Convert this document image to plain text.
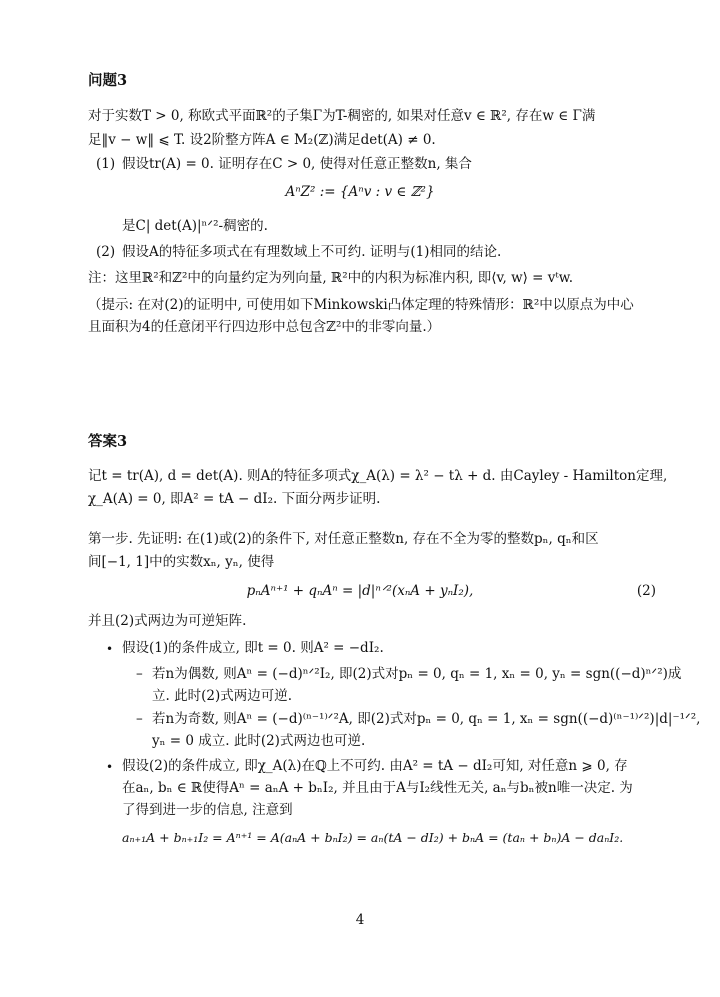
问题3
对于实数T > 0, 称欧式平面ℝ²的子集Γ为T-稠密的, 如果对任意v ∈ ℝ², 存在w ∈ Γ满
足‖v − w‖ ⩽ T. 设2阶整方阵A ∈ M₂(ℤ)满足det(A) ≠ 0.
(1) 假设tr(A) = 0. 证明存在C > 0, 使得对任意正整数n, 集合
AⁿZ² := {Aⁿv : v ∈ ℤ²}
是C| det(A)|ⁿᐟ²-稠密的.
(2) 假设A的特征多项式在有理数域上不可约. 证明与(1)相同的结论.
注：这里ℝ²和ℤ²中的向量约定为列向量, ℝ²中的内积为标准内积, 即⟨v, w⟩ = vᵗw.
（提示: 在对(2)的证明中, 可使用如下Minkowski凸体定理的特殊情形：ℝ²中以原点为中心
且面积为4的任意闭平行四边形中总包含ℤ²中的非零向量.）
答案3
记t = tr(A), d = det(A). 则A的特征多项式χ_A(λ) = λ² − tλ + d. 由Cayley - Hamilton定理,
χ_A(A) = 0, 即A² = tA − dI₂. 下面分两步证明.
第一步. 先证明: 在(1)或(2)的条件下, 对任意正整数n, 存在不全为零的整数pₙ, qₙ和区
间[−1, 1]中的实数xₙ, yₙ, 使得
pₙAⁿ⁺¹ + qₙAⁿ = |d|ⁿᐟ²(xₙA + yₙI₂),	(2)
并且(2)式两边为可逆矩阵.
• 假设(1)的条件成立, 即t = 0. 则A² = −dI₂.
– 若n为偶数, 则Aⁿ = (−d)ⁿᐟ²I₂, 即(2)式对pₙ = 0, qₙ = 1, xₙ = 0, yₙ = sgn((−d)ⁿᐟ²)成
立. 此时(2)式两边可逆.
– 若n为奇数, 则Aⁿ = (−d)⁽ⁿ⁻¹⁾ᐟ²A, 即(2)式对pₙ = 0, qₙ = 1, xₙ = sgn((−d)⁽ⁿ⁻¹⁾ᐟ²)|d|⁻¹ᐟ²,
yₙ = 0 成立. 此时(2)式两边也可逆.
• 假设(2)的条件成立, 即χ_A(λ)在ℚ上不可约. 由A² = tA − dI₂可知, 对任意n ⩾ 0, 存
在aₙ, bₙ ∈ ℝ使得Aⁿ = aₙA + bₙI₂, 并且由于A与I₂线性无关, aₙ与bₙ被n唯一决定. 为
了得到进一步的信息, 注意到
aₙ₊₁A + bₙ₊₁I₂ = Aⁿ⁺¹ = A(aₙA + bₙI₂) = aₙ(tA − dI₂) + bₙA = (taₙ + bₙ)A − daₙI₂.
4
